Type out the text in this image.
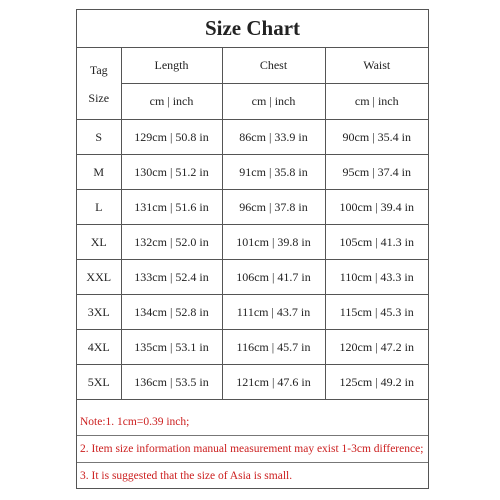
Size Chart
Tag
Size	Length	Chest	Waist
	cm | inch	cm | inch	cm | inch
S	129cm | 50.8 in	86cm | 33.9 in	90cm | 35.4 in
M	130cm | 51.2 in	91cm | 35.8 in	95cm | 37.4 in
L	131cm | 51.6 in	96cm | 37.8 in	100cm | 39.4 in
XL	132cm | 52.0 in	101cm | 39.8 in	105cm | 41.3 in
XXL	133cm | 52.4 in	106cm | 41.7 in	110cm | 43.3 in
3XL	134cm | 52.8 in	111cm | 43.7 in	115cm | 45.3 in
4XL	135cm | 53.1 in	116cm | 45.7 in	120cm | 47.2 in
5XL	136cm | 53.5 in	121cm | 47.6 in	125cm | 49.2 in
Note:1. 1cm=0.39 inch;
2. Item size information manual measurement may exist 1-3cm difference;
3. It is suggested that the size of Asia is small.
